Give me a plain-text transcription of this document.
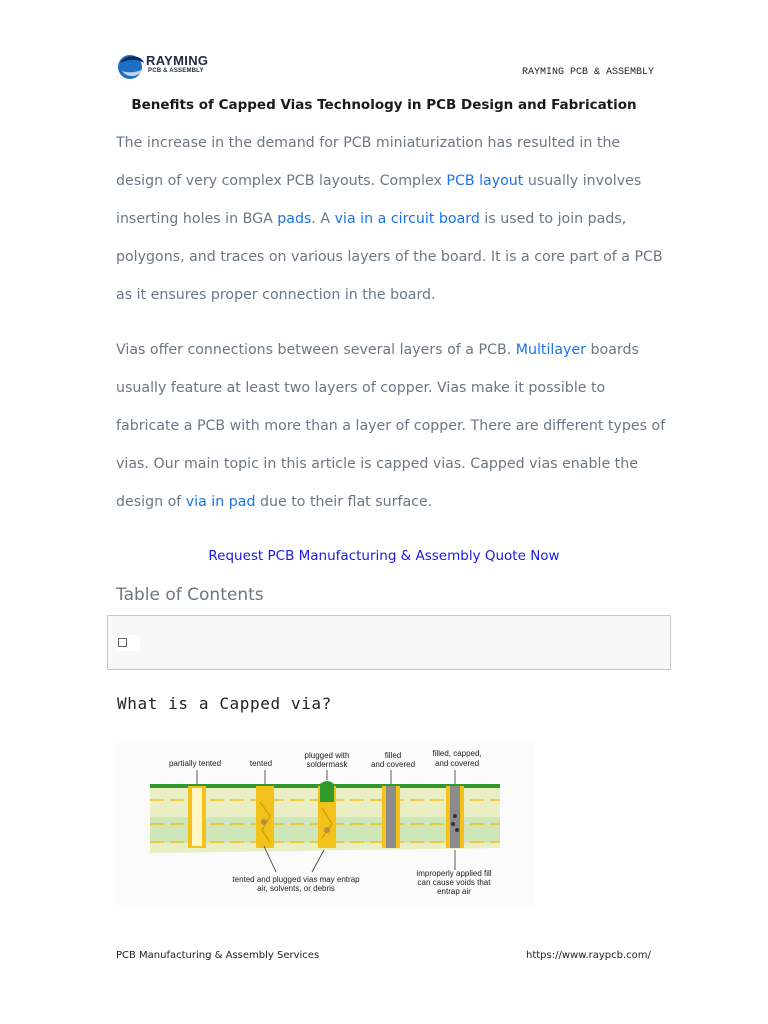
RAYMING
PCB & ASSEMBLY	RAYMING PCB & ASSEMBLY
Benefits of Capped Vias Technology in PCB Design and Fabrication

The increase in the demand for PCB miniaturization has resulted in the design of very complex PCB layouts. Complex PCB layout usually involves inserting holes in BGA pads. A via in a circuit board is used to join pads, polygons, and traces on various layers of the board. It is a core part of a PCB as it ensures proper connection in the board.

Vias offer connections between several layers of a PCB. Multilayer boards usually feature at least two layers of copper. Vias make it possible to fabricate a PCB with more than a layer of copper. There are different types of vias. Our main topic in this article is capped vias. Capped vias enable the design of via in pad due to their flat surface.

Request PCB Manufacturing & Assembly Quote Now
Table of Contents
What is a Capped via?
partially tented	tented
plugged with
soldermask
filled
and covered
filled, capped,
and covered
tented and plugged vias may entrap
air, solvents, or debris
improperly applied fill
can cause voids that
entrap air
PCB Manufacturing & Assembly Services	https://www.raypcb.com/
